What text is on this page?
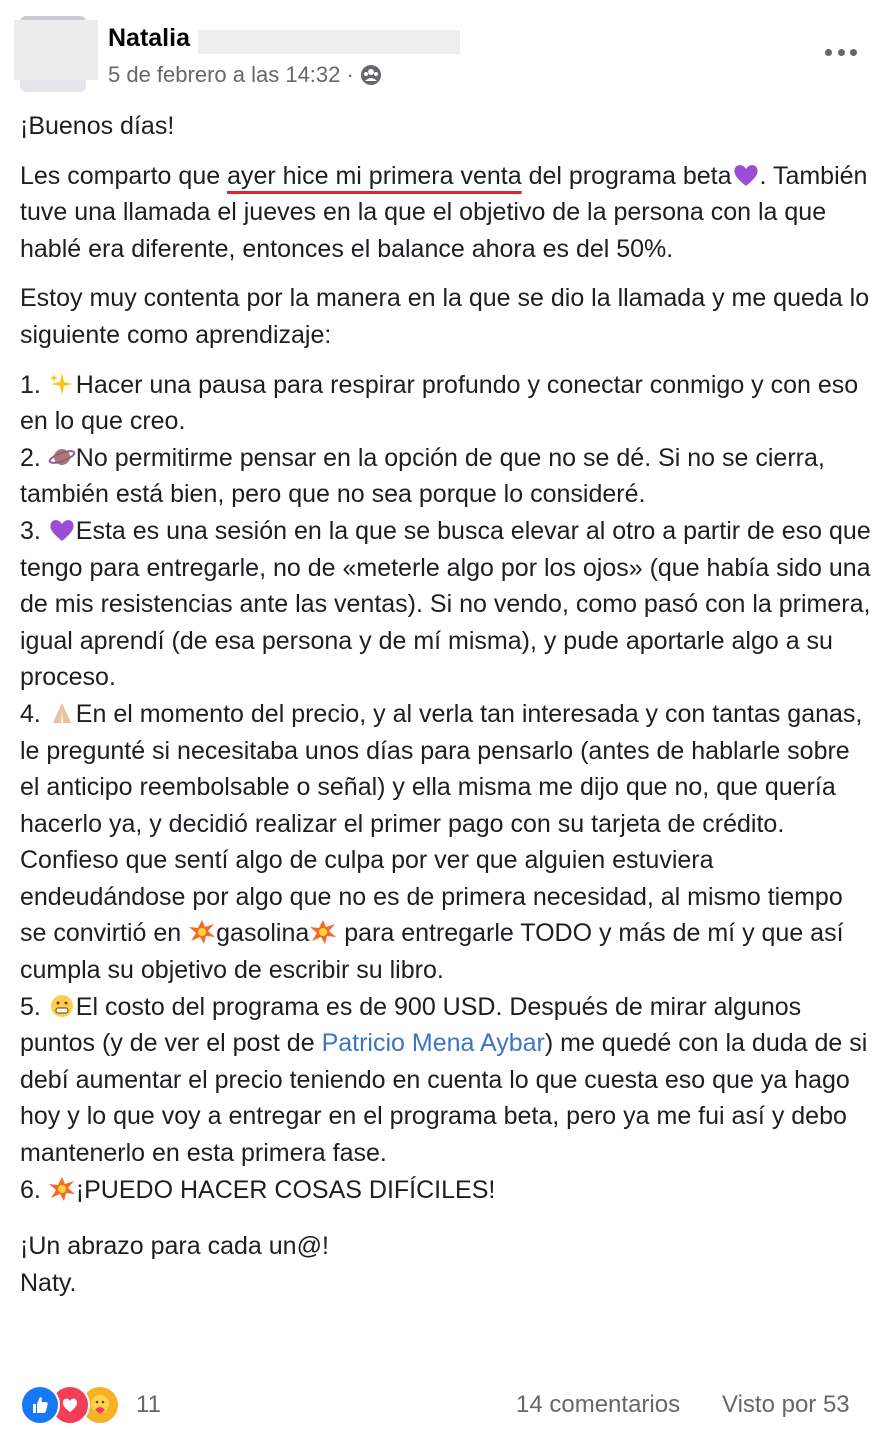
Natalia
5 de febrero a las 14:32 ·

¡Buenos días!

Les comparto que ayer hice mi primera venta del programa beta . También tuve una llamada el jueves en la que el objetivo de la persona con la que hablé era diferente, entonces el balance ahora es del 50%.

Estoy muy contenta por la manera en la que se dio la llamada y me queda lo siguiente como aprendizaje:

1. Hacer una pausa para respirar profundo y conectar conmigo y con eso en lo que creo.
2. No permitirme pensar en la opción de que no se dé. Si no se cierra, también está bien, pero que no sea porque lo consideré.
3. Esta es una sesión en la que se busca elevar al otro a partir de eso que tengo para entregarle, no de «meterle algo por los ojos» (que había sido una de mis resistencias ante las ventas). Si no vendo, como pasó con la primera, igual aprendí (de esa persona y de mí misma), y pude aportarle algo a su proceso.
4. En el momento del precio, y al verla tan interesada y con tantas ganas, le pregunté si necesitaba unos días para pensarlo (antes de hablarle sobre el anticipo reembolsable o señal) y ella misma me dijo que no, que quería hacerlo ya, y decidió realizar el primer pago con su tarjeta de crédito. Confieso que sentí algo de culpa por ver que alguien estuviera endeudándose por algo que no es de primera necesidad, al mismo tiempo se convirtió en gasolina para entregarle TODO y más de mí y que así cumpla su objetivo de escribir su libro.
5. El costo del programa es de 900 USD. Después de mirar algunos puntos (y de ver el post de Patricio Mena Aybar) me quedé con la duda de si debí aumentar el precio teniendo en cuenta lo que cuesta eso que ya hago hoy y lo que voy a entregar en el programa beta, pero ya me fui así y debo mantenerlo en esta primera fase.
6. ¡PUEDO HACER COSAS DIFÍCILES!

¡Un abrazo para cada un@!
Naty.

11	14 comentarios Visto por 53
